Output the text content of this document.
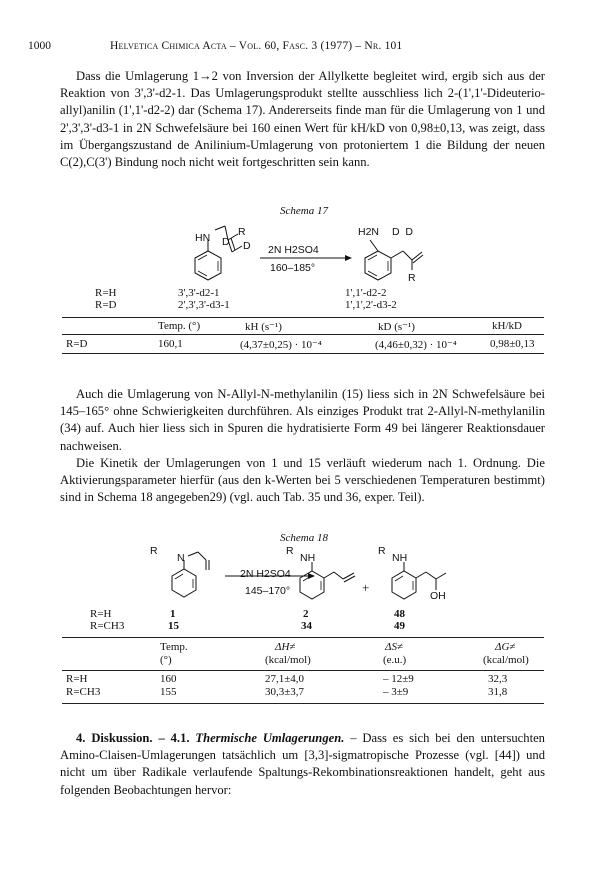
1000	Helvetica Chimica Acta – Vol. 60, Fasc. 3 (1977) – Nr. 101

Dass die Umlagerung 1→2 von Inversion der Allylkette begleitet wird, ergib sich aus der Reaktion von 3',3'-d2-1. Das Umlagerungsprodukt stellte ausschliess lich 2-(1',1'-Dideuterio-allyl)anilin (1',1'-d2-2) dar (Schema 17). Andererseits finde man für die Umlagerung von 1 und 2',3',3'-d3-1 in 2N Schwefelsäure bei 160 einen Wert für kH/kD von 0,98±0,13, was zeigt, dass im Übergangszustand de Anilinium-Umlagerung von protoniertem 1 die Bildung der neuen C(2),C(3') Bindung noch nicht weit fortgeschritten sein kann.

Schema 17
HN	R
D D
H2N D  D
R
2N H2SO4
160–185°
R=H
R=D
3',3'-d2-1
2',3',3'-d3-1
1',1'-d2-2
1',1',2'-d3-2
Temp. (°)	kH (s⁻¹)	kD (s⁻¹)	kH/kD
R=D	160,1	(4,37±0,25) · 10⁻⁴	(4,46±0,32) · 10⁻⁴	0,98±0,13

Auch die Umlagerung von N-Allyl-N-methylanilin (15) liess sich in 2N Schwefelsäure bei 145–165° ohne Schwierigkeiten durchführen. Als einziges Produkt trat 2-Allyl-N-methylanilin (34) auf. Auch hier liess sich in Spuren die hydratisierte Form 49 bei längerer Reaktionsdauer nachweisen.

Die Kinetik der Umlagerungen von 1 und 15 verläuft wiederum nach 1. Ordnung. Die Aktivierungsparameter hierfür (aus den k-Werten bei 5 verschiedenen Temperaturen bestimmt) sind in Schema 18 angegeben29) (vgl. auch Tab. 35 und 36, exper. Teil).

Schema 18
R
N
R
NH
R
NH
OH
+
2N H2SO4
145–170°
R=H
R=CH3
1
15
2
34
48
49
Temp.	ΔH≠	ΔS≠	ΔG≠
(°)	(kcal/mol)	(e.u.)	(kcal/mol)
R=H	160	27,1±4,0	– 12±9	32,3
R=CH3	155	30,3±3,7	– 3±9	31,8

4. Diskussion. – 4.1. Thermische Umlagerungen. – Dass es sich bei den untersuchten Amino-Claisen-Umlagerungen tatsächlich um [3,3]-sigmatropische Prozesse (vgl. [44]) und nicht um über Radikale verlaufende Spaltungs-Rekombinationsreaktionen handelt, geht aus folgenden Beobachtungen hervor:
